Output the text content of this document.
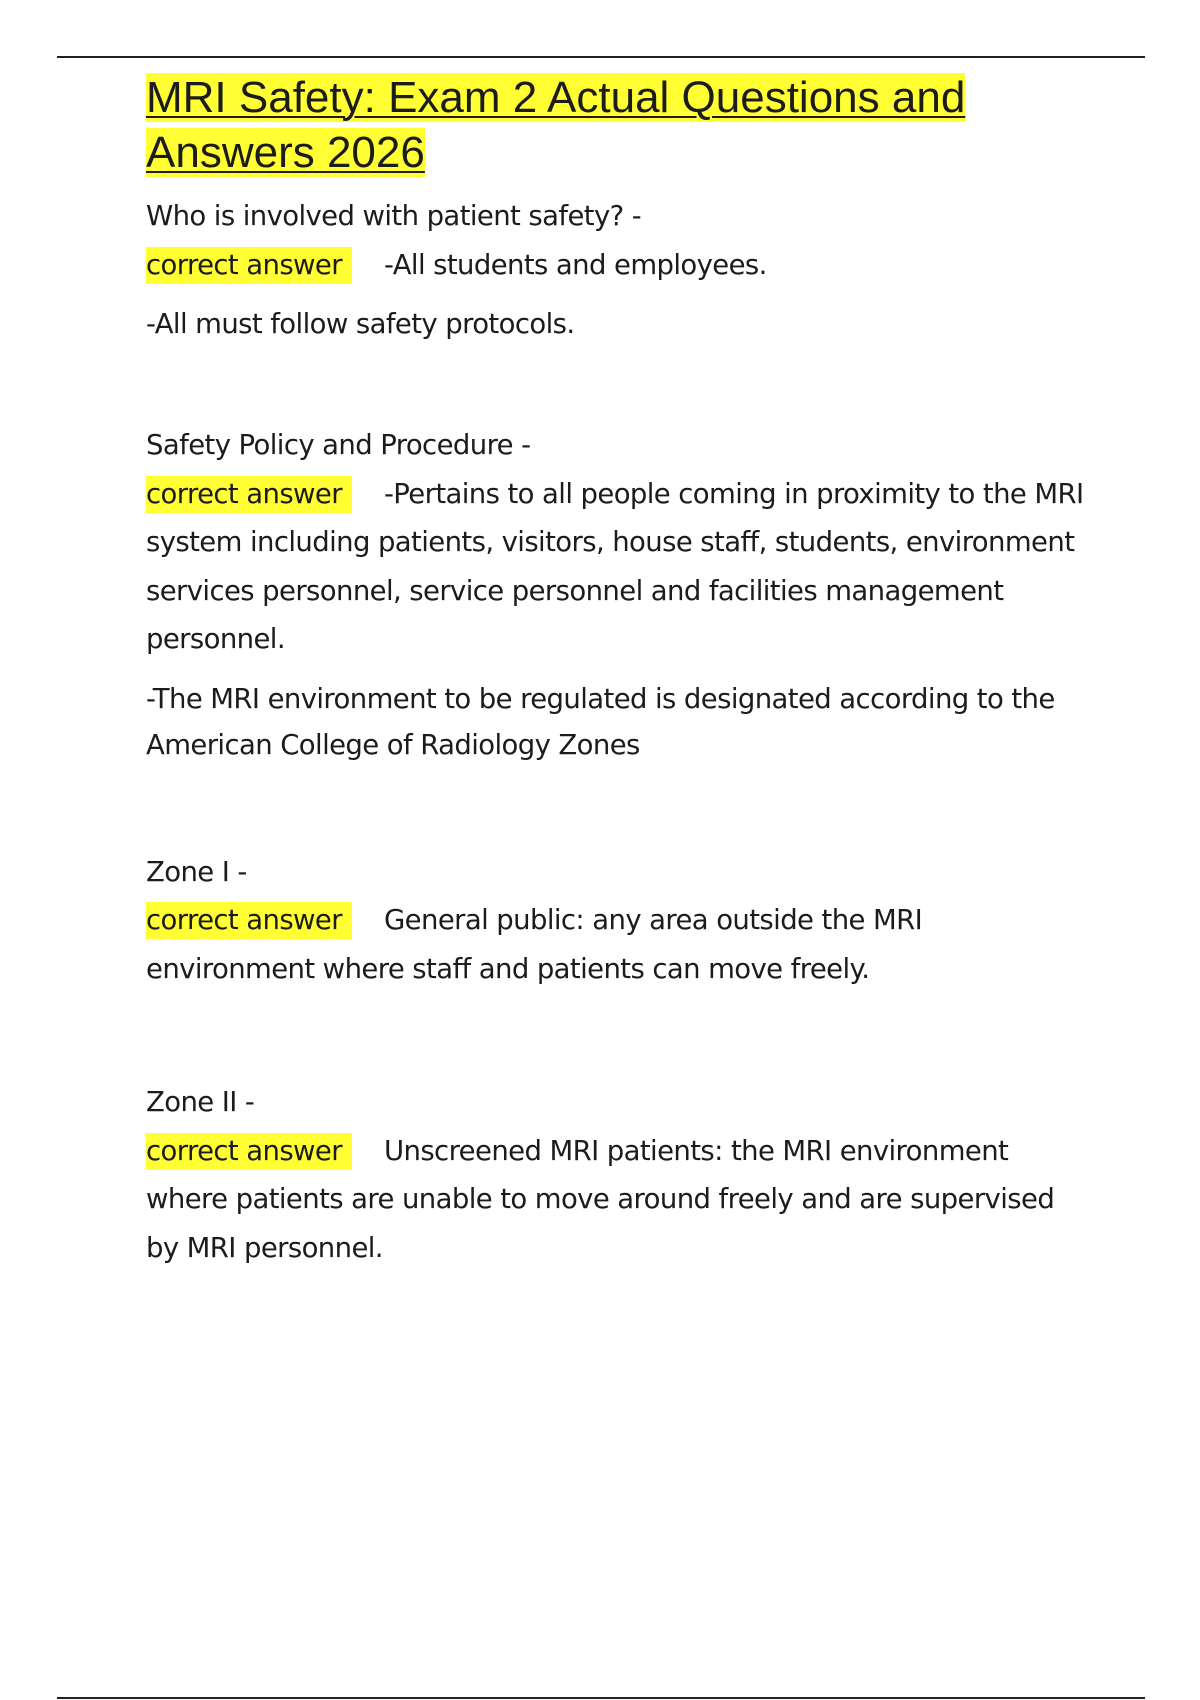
MRI Safety: Exam 2 Actual Questions and Answers 2026

Who is involved with patient safety? -

correct answer -All students and employees.

-All must follow safety protocols.

Safety Policy and Procedure -

correct answer -Pertains to all people coming in proximity to the MRI system including patients, visitors, house staff, students, environment services personnel, service personnel and facilities management personnel.

-The MRI environment to be regulated is designated according to the American College of Radiology Zones

Zone I -

correct answer General public: any area outside the MRI environment where staff and patients can move freely.

Zone II -

correct answer Unscreened MRI patients: the MRI environment where patients are unable to move around freely and are supervised by MRI personnel.
